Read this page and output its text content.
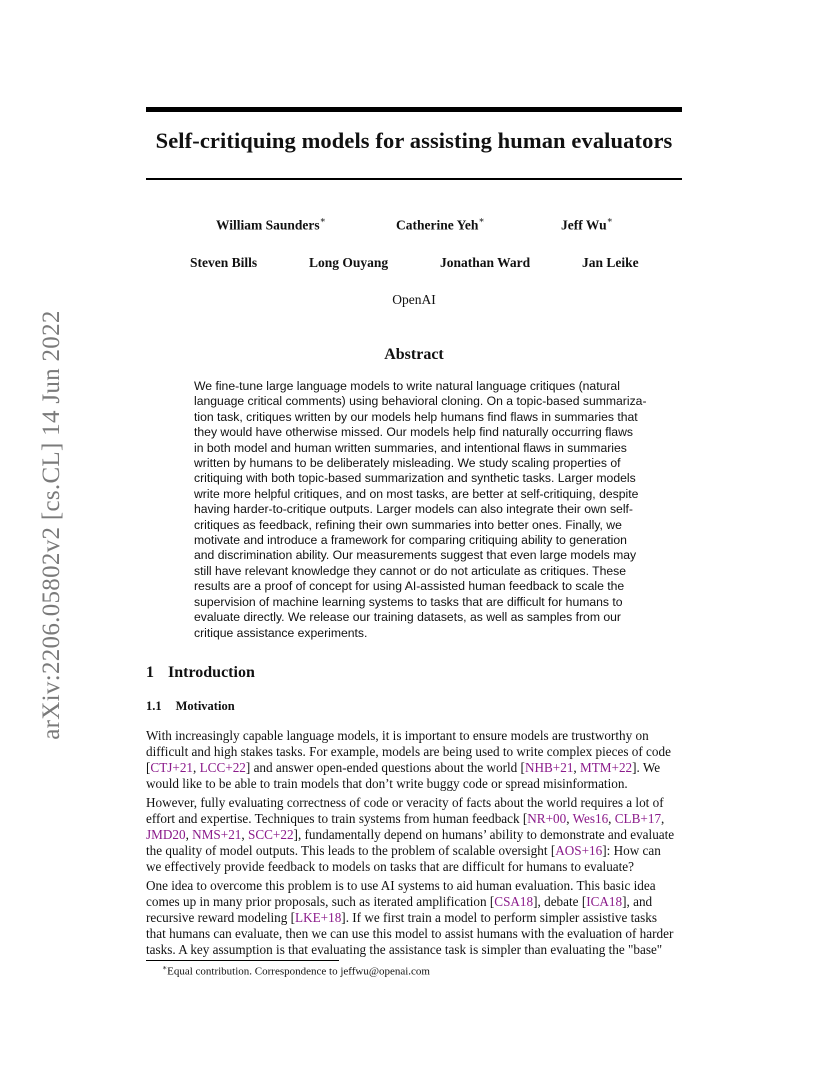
arXiv:2206.05802v2 [cs.CL] 14 Jun 2022
Self-critiquing models for assisting human evaluators
William Saunders∗	Catherine Yeh∗	Jeff Wu∗
Steven Bills	Long Ouyang	Jonathan Ward	Jan Leike
OpenAI
Abstract
We fine-tune large language models to write natural language critiques (natural
language critical comments) using behavioral cloning. On a topic-based summariza-
tion task, critiques written by our models help humans find flaws in summaries that
they would have otherwise missed. Our models help find naturally occurring flaws
in both model and human written summaries, and intentional flaws in summaries
written by humans to be deliberately misleading. We study scaling properties of
critiquing with both topic-based summarization and synthetic tasks. Larger models
write more helpful critiques, and on most tasks, are better at self-critiquing, despite
having harder-to-critique outputs. Larger models can also integrate their own self-
critiques as feedback, refining their own summaries into better ones. Finally, we
motivate and introduce a framework for comparing critiquing ability to generation
and discrimination ability. Our measurements suggest that even large models may
still have relevant knowledge they cannot or do not articulate as critiques. These
results are a proof of concept for using AI-assisted human feedback to scale the
supervision of machine learning systems to tasks that are difficult for humans to
evaluate directly. We release our training datasets, as well as samples from our
critique assistance experiments.
1 Introduction
1.1 Motivation
With increasingly capable language models, it is important to ensure models are trustworthy on
difficult and high stakes tasks. For example, models are being used to write complex pieces of code
[CTJ+21, LCC+22] and answer open-ended questions about the world [NHB+21, MTM+22]. We
would like to be able to train models that don’t write buggy code or spread misinformation.
However, fully evaluating correctness of code or veracity of facts about the world requires a lot of
effort and expertise. Techniques to train systems from human feedback [NR+00, Wes16, CLB+17,
JMD20, NMS+21, SCC+22], fundamentally depend on humans’ ability to demonstrate and evaluate
the quality of model outputs. This leads to the problem of scalable oversight [AOS+16]: How can
we effectively provide feedback to models on tasks that are difficult for humans to evaluate?
One idea to overcome this problem is to use AI systems to aid human evaluation. This basic idea
comes up in many prior proposals, such as iterated amplification [CSA18], debate [ICA18], and
recursive reward modeling [LKE+18]. If we first train a model to perform simpler assistive tasks
that humans can evaluate, then we can use this model to assist humans with the evaluation of harder
tasks. A key assumption is that evaluating the assistance task is simpler than evaluating the "base"
∗Equal contribution. Correspondence to jeffwu@openai.com
